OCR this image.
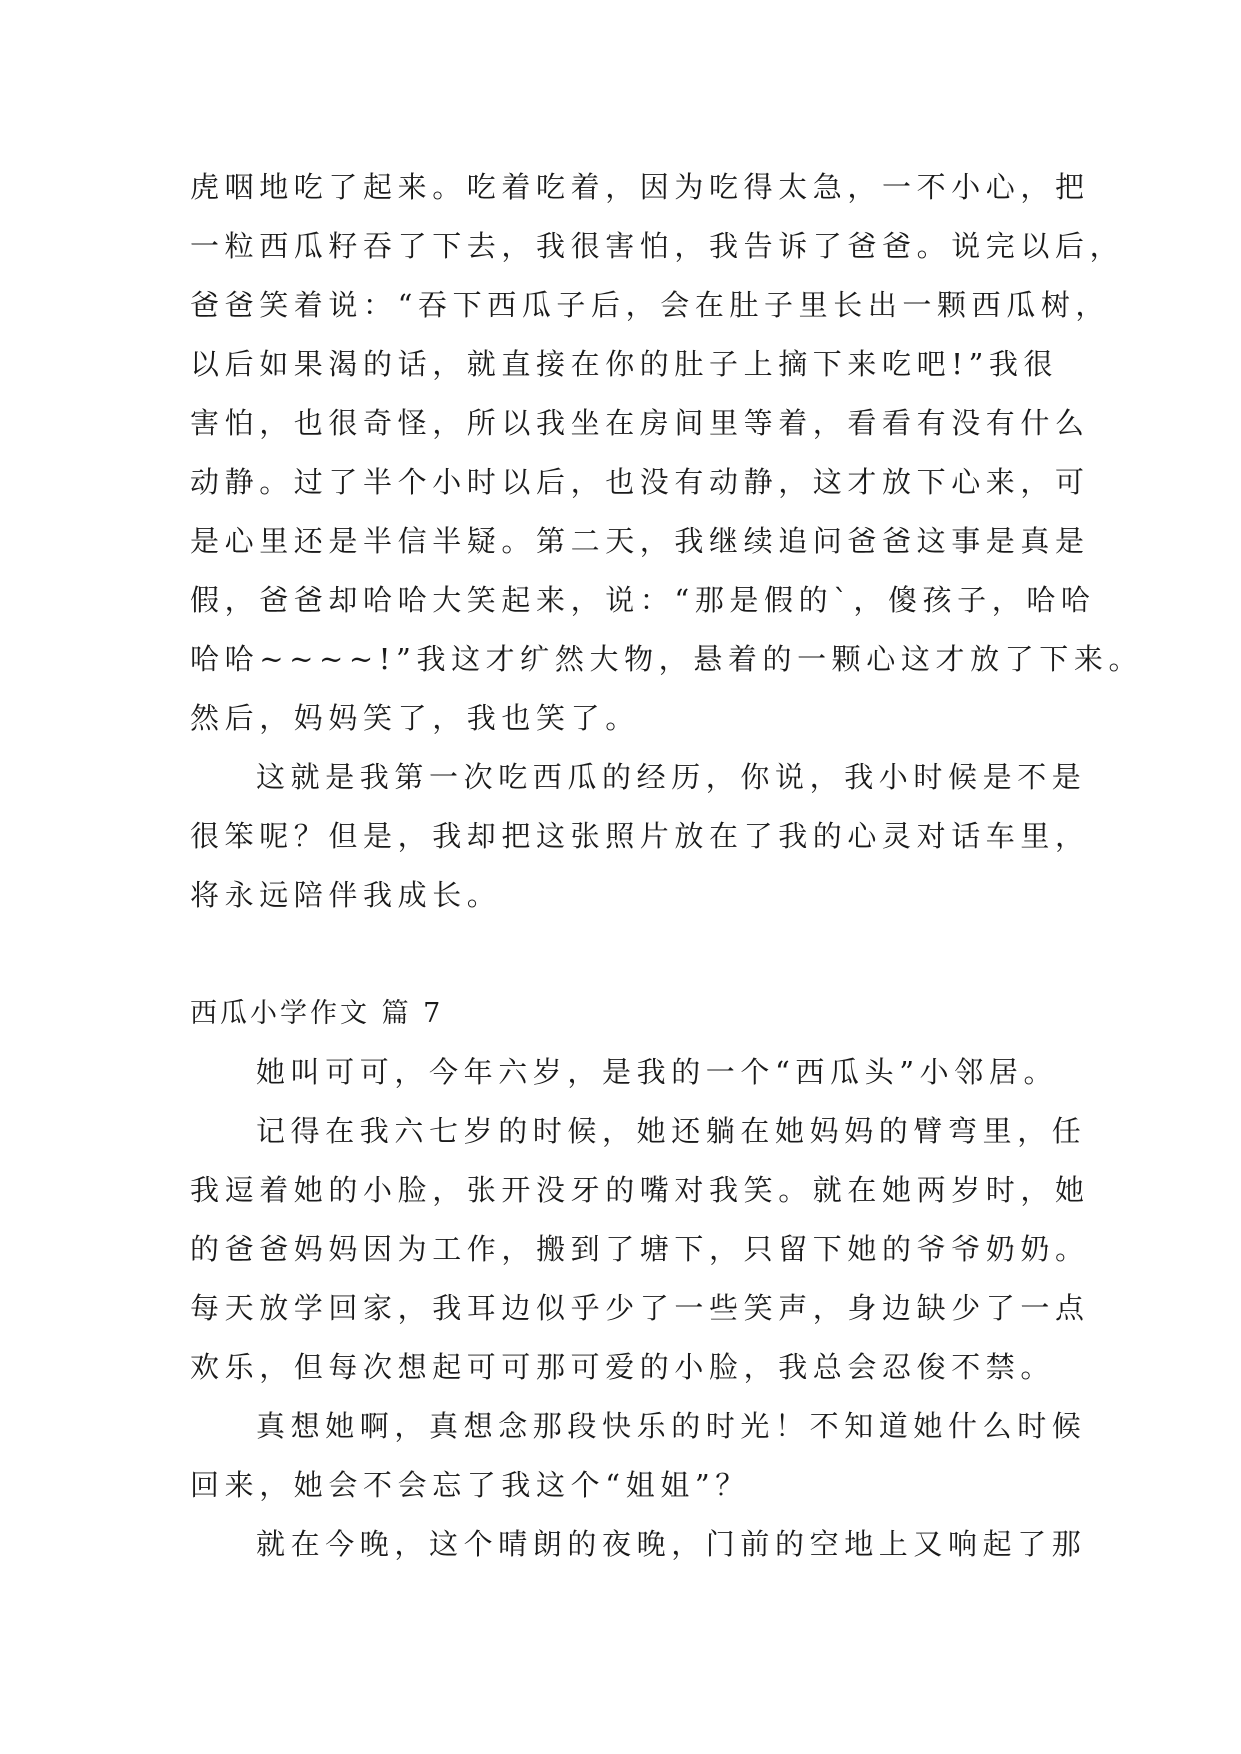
虎咽地吃了起来。吃着吃着，因为吃得太急，一不小心，把
一粒西瓜籽吞了下去，我很害怕，我告诉了爸爸。说完以后，
爸爸笑着说：“吞下西瓜子后，会在肚子里长出一颗西瓜树，
以后如果渴的话，就直接在你的肚子上摘下来吃吧!”我很
害怕，也很奇怪，所以我坐在房间里等着，看看有没有什么
动静。过了半个小时以后，也没有动静，这才放下心来，可
是心里还是半信半疑。第二天，我继续追问爸爸这事是真是
假，爸爸却哈哈大笑起来，说：“那是假的`，傻孩子，哈哈
哈哈~~~~!”我这才纩然大物，悬着的一颗心这才放了下来。
然后，妈妈笑了，我也笑了。
这就是我第一次吃西瓜的经历，你说，我小时候是不是
很笨呢？但是，我却把这张照片放在了我的心灵对话车里，
将永远陪伴我成长。
西瓜小学作文 篇 7
她叫可可，今年六岁，是我的一个“西瓜头”小邻居。
记得在我六七岁的时候，她还躺在她妈妈的臂弯里，任
我逗着她的小脸，张开没牙的嘴对我笑。就在她两岁时，她
的爸爸妈妈因为工作，搬到了塘下，只留下她的爷爷奶奶。
每天放学回家，我耳边似乎少了一些笑声，身边缺少了一点
欢乐，但每次想起可可那可爱的小脸，我总会忍俊不禁。
真想她啊，真想念那段快乐的时光！不知道她什么时候
回来，她会不会忘了我这个“姐姐”？
就在今晚，这个晴朗的夜晚，门前的空地上又响起了那
